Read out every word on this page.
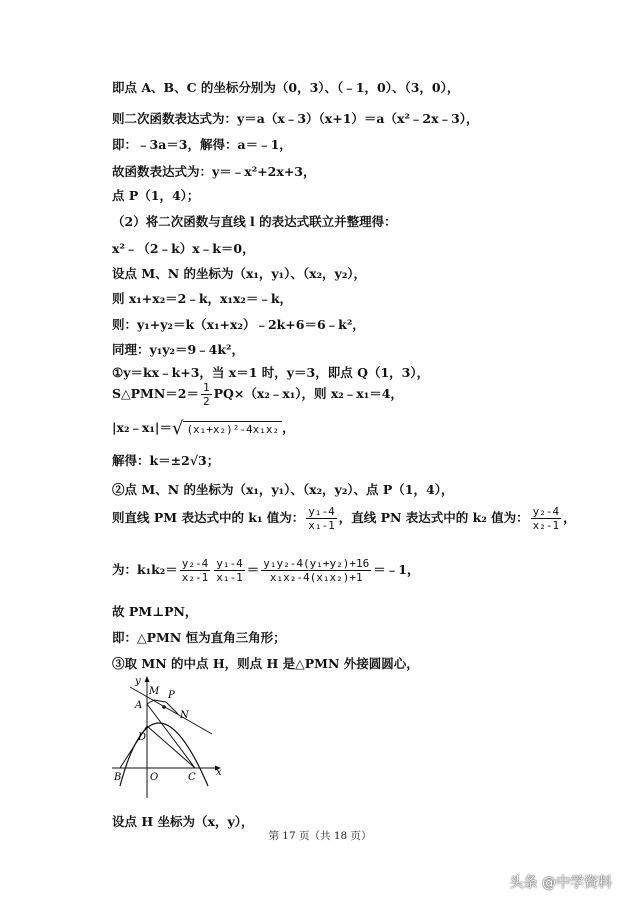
即点 A、B、C 的坐标分别为（0，3）、（﹣1，0）、（3，0），
则二次函数表达式为：y＝a（x﹣3）（x+1）＝a（x²﹣2x﹣3），
即：﹣3a＝3，解得：a＝﹣1，
故函数表达式为：y＝﹣x²+2x+3，
点 P（1，4）；
（2）将二次函数与直线 l 的表达式联立并整理得：
x²﹣（2﹣k）x﹣k＝0，
设点 M、N 的坐标为（x₁，y₁）、（x₂，y₂），
则 x₁+x₂＝2﹣k，x₁x₂＝﹣k，
则：y₁+y₂＝k（x₁+x₂）﹣2k+6＝6﹣k²，
同理：y₁y₂＝9﹣4k²，
①y＝kx﹣k+3，当 x＝1 时，y＝3，即点 Q（1，3），
S△PMN＝2＝ $\frac{1}{2}$ PQ×（x₂﹣x₁），则 x₂﹣x₁＝4，
|x₂﹣x₁|＝√ (x₁+x₂)²-4x₁x₂ ，
解得：k＝±2√3；
②点 M、N 的坐标为（x₁，y₁）、（x₂，y₂）、点 P（1，4），
则直线 PM 表达式中的 k₁ 值为： $\frac{\text{y₁-4}}{\text{x₁-1}}$ ，直线 PN 表达式中的 k₂ 值为： $\frac{\text{y₂-4}}{\text{x₂-1}}$ ，
为：$k_1k_2= \frac{\text{y₂-4}}{\text{x₂-1}} \frac{\text{y₁-4}}{\text{x₁-1}} = \frac{\text{y₁y₂-4(y₁+y₂)+16}}{\text{x₁x₂-4(x₁x₂)+1}}$ ＝﹣1，
故 PM⊥PN，
即：△PMN 恒为直角三角形；
③取 MN 的中点 H，则点 H 是△PMN 外接圆圆心，
y
x
M P
A
N
D
B	O	C
设点 H 坐标为（x，y），
第 17 页（共 18 页）
头条 @中学资料
